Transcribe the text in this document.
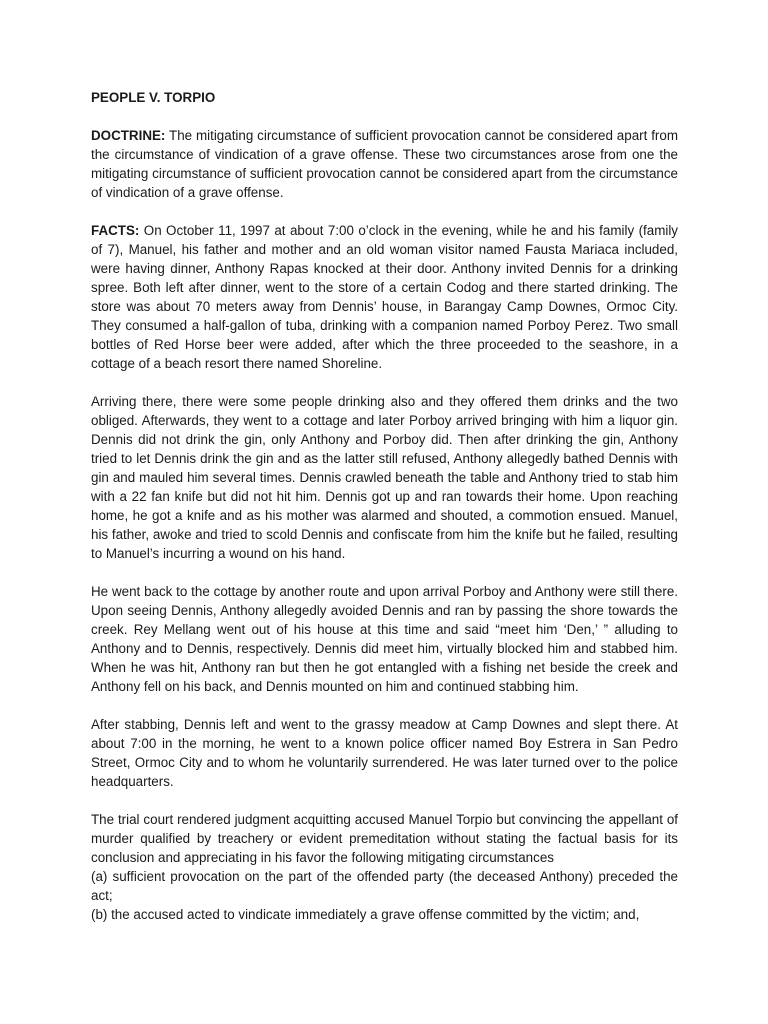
PEOPLE V. TORPIO

DOCTRINE: The mitigating circumstance of sufficient provocation cannot be considered apart from the circumstance of vindication of a grave offense. These two circumstances arose from one the mitigating circumstance of sufficient provocation cannot be considered apart from the circumstance of vindication of a grave offense.

FACTS: On October 11, 1997 at about 7:00 o’clock in the evening, while he and his family (family of 7), Manuel, his father and mother and an old woman visitor named Fausta Mariaca included, were having dinner, Anthony Rapas knocked at their door. Anthony invited Dennis for a drinking spree. Both left after dinner, went to the store of a certain Codog and there started drinking. The store was about 70 meters away from Dennis’ house, in Barangay Camp Downes, Ormoc City. They consumed a half-gallon of tuba, drinking with a companion named Porboy Perez. Two small bottles of Red Horse beer were added, after which the three proceeded to the seashore, in a cottage of a beach resort there named Shoreline.

Arriving there, there were some people drinking also and they offered them drinks and the two obliged. Afterwards, they went to a cottage and later Porboy arrived bringing with him a liquor gin. Dennis did not drink the gin, only Anthony and Porboy did. Then after drinking the gin, Anthony tried to let Dennis drink the gin and as the latter still refused, Anthony allegedly bathed Dennis with gin and mauled him several times. Dennis crawled beneath the table and Anthony tried to stab him with a 22 fan knife but did not hit him. Dennis got up and ran towards their home. Upon reaching home, he got a knife and as his mother was alarmed and shouted, a commotion ensued. Manuel, his father, awoke and tried to scold Dennis and confiscate from him the knife but he failed, resulting to Manuel’s incurring a wound on his hand.

He went back to the cottage by another route and upon arrival Porboy and Anthony were still there. Upon seeing Dennis, Anthony allegedly avoided Dennis and ran by passing the shore towards the creek. Rey Mellang went out of his house at this time and said “meet him ‘Den,’ ” alluding to Anthony and to Dennis, respectively. Dennis did meet him, virtually blocked him and stabbed him. When he was hit, Anthony ran but then he got entangled with a fishing net beside the creek and Anthony fell on his back, and Dennis mounted on him and continued stabbing him.

After stabbing, Dennis left and went to the grassy meadow at Camp Downes and slept there. At about 7:00 in the morning, he went to a known police officer named Boy Estrera in San Pedro Street, Ormoc City and to whom he voluntarily surrendered. He was later turned over to the police headquarters.

The trial court rendered judgment acquitting accused Manuel Torpio but convincing the appellant of murder qualified by treachery or evident premeditation without stating the factual basis for its conclusion and appreciating in his favor the following mitigating circumstances

(a) sufficient provocation on the part of the offended party (the deceased Anthony) preceded the act;
(b) the accused acted to vindicate immediately a grave offense committed by the victim; and,
